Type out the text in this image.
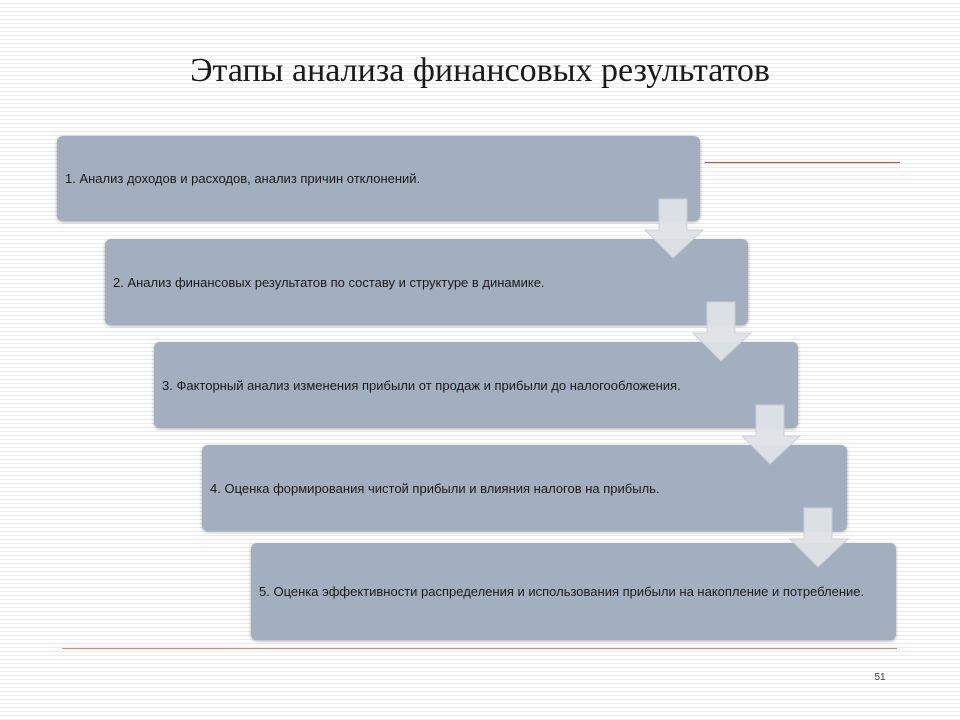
Этапы анализа финансовых результатов
1. Анализ доходов и расходов, анализ причин отклонений.
2. Анализ финансовых результатов по составу и структуре в динамике.
3. Факторный анализ изменения прибыли от продаж и прибыли до налогообложения.
4. Оценка формирования чистой прибыли и влияния налогов на прибыль.
5. Оценка эффективности распределения и использования прибыли на накопление и потребление.
51
